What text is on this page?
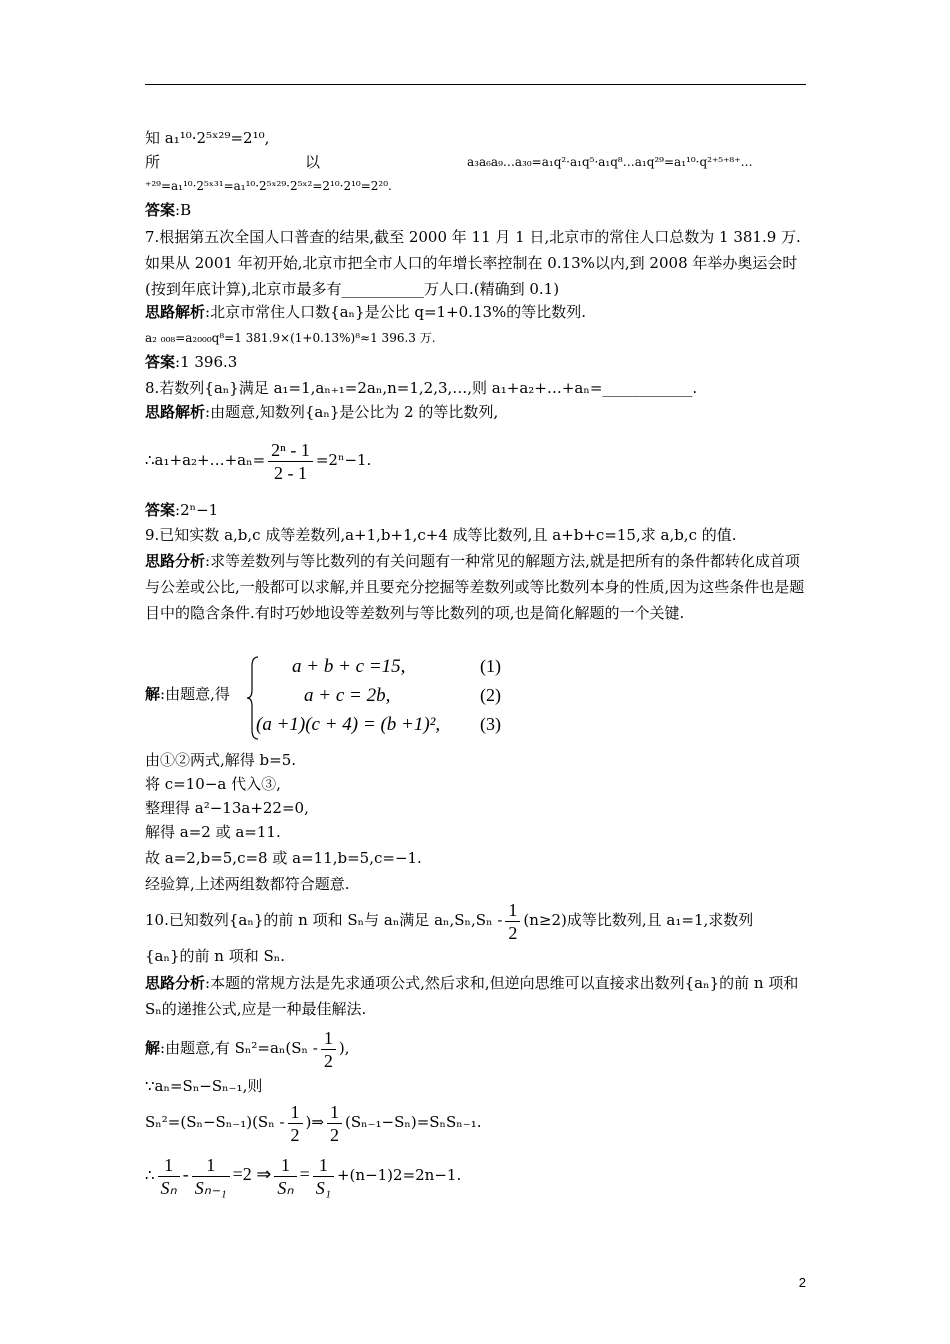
知 a₁¹⁰·2⁵ˣ²⁹=2¹⁰,
所	以	a₃a₆a₉…a₃₀=a₁q²·a₁q⁵·a₁q⁸…a₁q²⁹=a₁¹⁰·q²⁺⁵⁺⁸⁺…
⁺²⁹=a₁¹⁰·2⁵ˣ³¹=a₁¹⁰·2⁵ˣ²⁹·2⁵ˣ²=2¹⁰·2¹⁰=2²⁰.
答案:B
7.根据第五次全国人口普查的结果,截至 2000 年 11 月 1 日,北京市的常住人口总数为 1 381.9 万.如果从 2001 年初开始,北京市把全市人口的年增长率控制在 0.13%以内,到 2008 年举办奥运会时(按到年底计算),北京市最多有___________万人口.(精确到 0.1)
思路解析:北京市常住人口数{aₙ}是公比 q=1+0.13%的等比数列.
a₂ ₀₀₈=a₂₀₀₀q⁸=1 381.9×(1+0.13%)⁸≈1 396.3 万.
答案:1 396.3
8.若数列{aₙ}满足 a₁=1,aₙ₊₁=2aₙ,n=1,2,3,…,则 a₁+a₂+…+aₙ=____________.
思路解析:由题意,知数列{aₙ}是公比为 2 的等比数列,
∴a₁+a₂+…+aₙ= $\frac{\text{2ⁿ - 1}}{2 - 1} =2^n-1$.
答案:2ⁿ−1
9.已知实数 a,b,c 成等差数列,a+1,b+1,c+4 成等比数列,且 a+b+c=15,求 a,b,c 的值.
思路分析:求等差数列与等比数列的有关问题有一种常见的解题方法,就是把所有的条件都转化成首项与公差或公比,一般都可以求解,并且要充分挖掘等差数列或等比数列本身的性质,因为这些条件也是题目中的隐含条件.有时巧妙地设等差数列与等比数列的项,也是简化解题的一个关键.
解:由题意,得
a + b + c =15,	(1)
a + c = 2b,	(2)
(a +1)(c + 4) = (b +1)², (3)
由①②两式,解得 b=5.
将 c=10−a 代入③,
整理得 a²−13a+22=0,
解得 a=2 或 a=11.
故 a=2,b=5,c=8 或 a=11,b=5,c=−1.
经验算,上述两组数都符合题意.
10.已知数列{aₙ}的前 n 项和 Sₙ与 aₙ满足 $a_n,S_n,S_n - \frac{1}{2} (n\ge 2)$成等比数列,且 a₁=1,求数列
{aₙ}的前 n 项和 Sₙ.
思路分析:本题的常规方法是先求通项公式,然后求和,但逆向思维可以直接求出数列{aₙ}的前 n 项和 Sₙ的递推公式,应是一种最佳解法.
解:由题意,有 $S_n^2=a_n(S_n - \frac{1}{2}$ ),
∵aₙ=Sₙ−Sₙ₋₁,则
$S_n^2=(S_n-S_{n-1})(S_n - \frac{1}{2}$ )⇒ $\frac{1}{2} (S_{n-1}-S_n)=S_nS_{n-1}$.
∴ $\frac{1}{\text{Sₙ}} - \frac{1}{\text{Sₙ₋₁}} =2$ ⇒ $\frac{1}{\text{Sₙ}} = \frac{1}{\text{S₁}} +(n-1)2=2n-1$.
2
